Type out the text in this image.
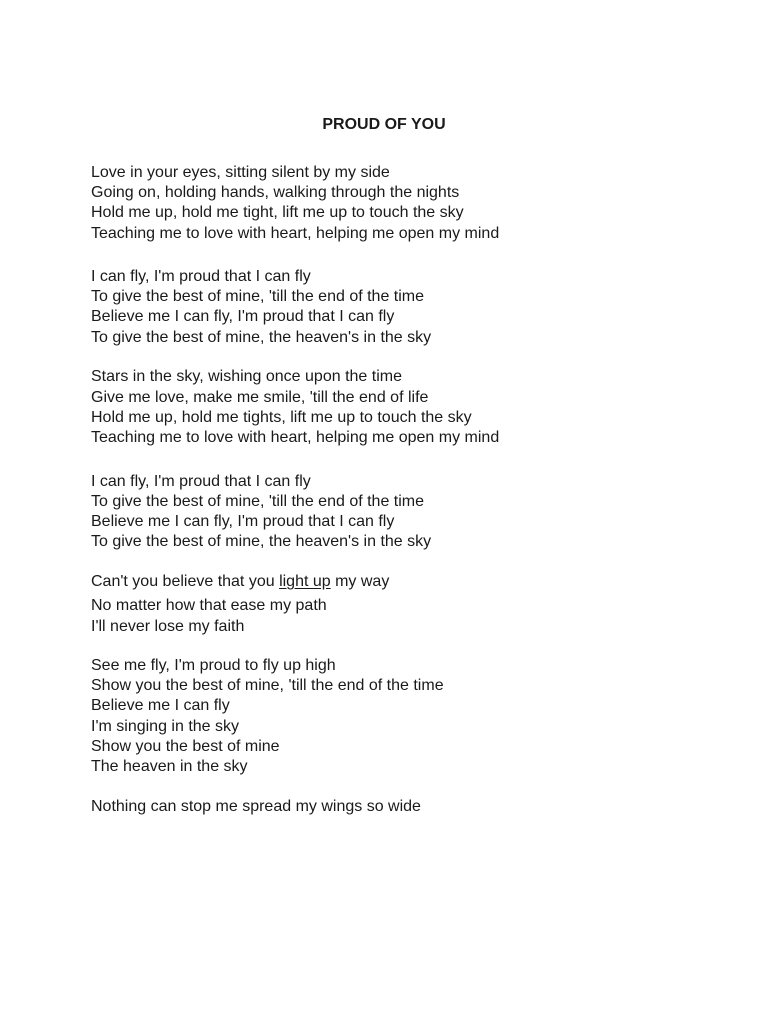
PROUD OF YOU
Love in your eyes, sitting silent by my side
Going on, holding hands, walking through the nights
Hold me up, hold me tight, lift me up to touch the sky
Teaching me to love with heart, helping me open my mind
I can fly, I'm proud that I can fly
To give the best of mine, 'till the end of the time
Believe me I can fly, I'm proud that I can fly
To give the best of mine, the heaven's in the sky
Stars in the sky, wishing once upon the time
Give me love, make me smile, 'till the end of life
Hold me up, hold me tights, lift me up to touch the sky
Teaching me to love with heart, helping me open my mind
I can fly, I'm proud that I can fly
To give the best of mine, 'till the end of the time
Believe me I can fly, I'm proud that I can fly
To give the best of mine, the heaven's in the sky
Can't you believe that you light up my way
No matter how that ease my path
I'll never lose my faith
See me fly, I'm proud to fly up high
Show you the best of mine, 'till the end of the time
Believe me I can fly
I'm singing in the sky
Show you the best of mine
The heaven in the sky
Nothing can stop me spread my wings so wide
